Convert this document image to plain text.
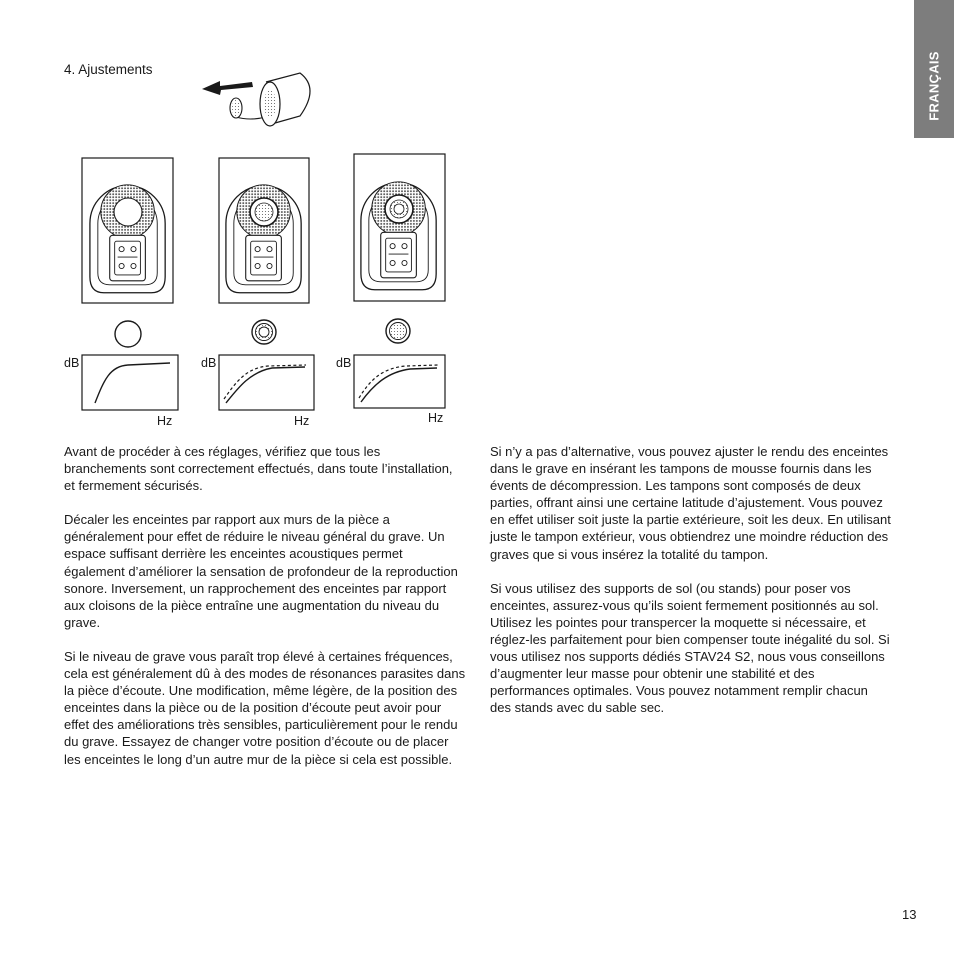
FRANÇAIS
4. Ajustements
dB
Hz
dB
Hz
dB
Hz

Avant de procéder à ces réglages, vérifiez que tous les branchements sont correctement effectués, dans toute l’installation, et fermement sécurisés.

Décaler les enceintes par rapport aux murs de la pièce a généralement pour effet de réduire le niveau général du grave. Un espace suffisant derrière les enceintes acoustiques permet également d’améliorer la sensation de profondeur de la reproduction sonore. Inversement, un rapprochement des enceintes par rapport aux cloisons de la pièce entraîne une augmentation du niveau du grave.

Si le niveau de grave vous paraît trop élevé à certaines fréquences, cela est généralement dû à des modes de résonances parasites dans la pièce d’écoute. Une modification, même légère, de la position des enceintes dans la pièce ou de la position d’écoute peut avoir pour effet des améliorations très sensibles, particulièrement pour le rendu du grave. Essayez de changer votre position d’écoute ou de placer les enceintes le long d’un autre mur de la pièce si cela est possible.

Si n’y a pas d’alternative, vous pouvez ajuster le rendu des enceintes dans le grave en insérant les tampons de mousse fournis dans les évents de décompression. Les tampons sont composés de deux parties, offrant ainsi une certaine latitude d’ajustement. Vous pouvez en effet utiliser soit juste la partie extérieure, soit les deux. En utilisant juste le tampon extérieur, vous obtiendrez une moindre réduction des graves que si vous insérez la totalité du tampon.

Si vous utilisez des supports de sol (ou stands) pour poser vos enceintes, assurez-vous qu’ils soient fermement positionnés au sol. Utilisez les pointes pour transpercer la moquette si nécessaire, et réglez-les parfaitement pour bien compenser toute inégalité du sol. Si vous utilisez nos supports dédiés STAV24 S2, nous vous conseillons d’augmenter leur masse pour obtenir une stabilité et des performances optimales. Vous pouvez notamment remplir chacun des stands avec du sable sec.

13
